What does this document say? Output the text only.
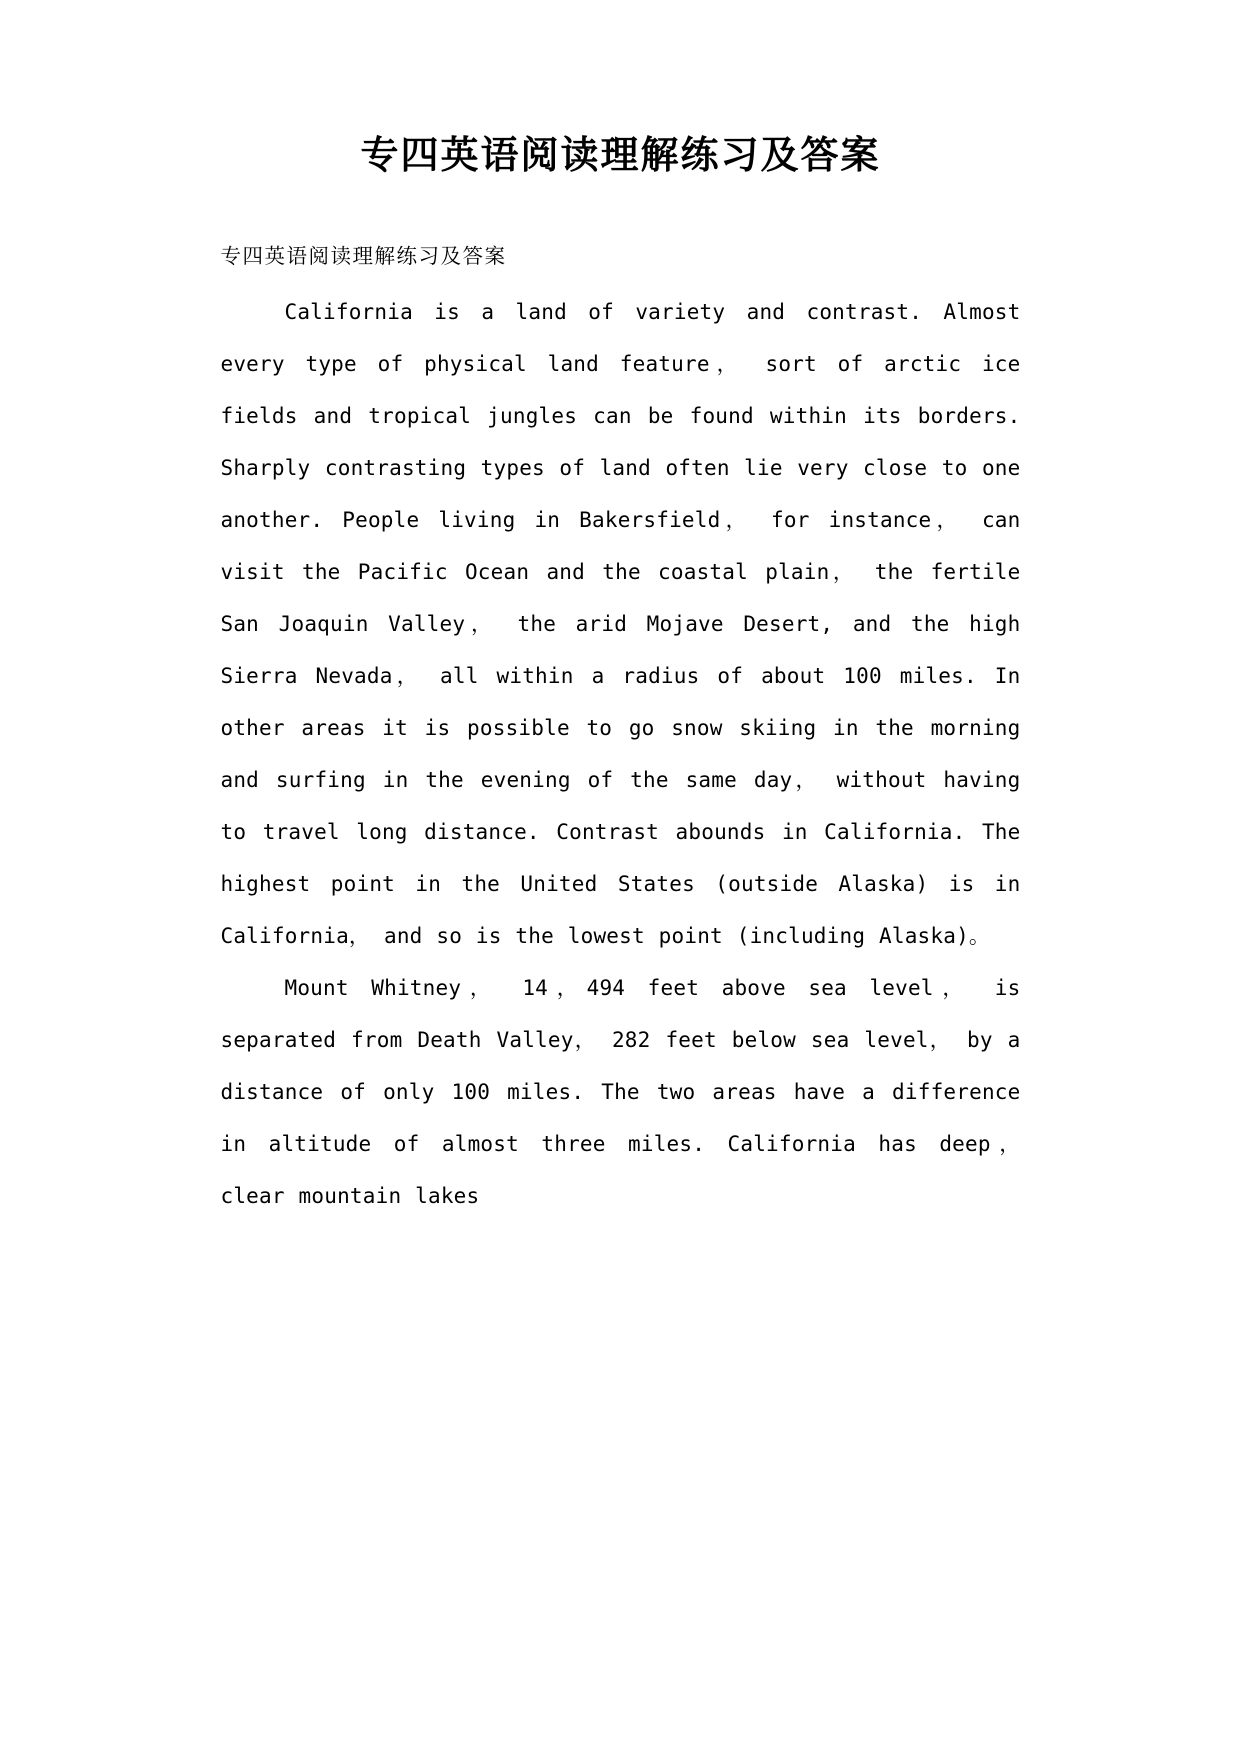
专四英语阅读理解练习及答案

专四英语阅读理解练习及答案

California is a land of variety and contrast. Almost every type of physical land feature， sort of arctic ice fields and tropical jungles can be found within its borders. Sharply contrasting types of land often lie very close to one another. People living in Bakersfield， for instance， can visit the Pacific Ocean and the coastal plain， the fertile San Joaquin Valley， the arid Mojave Desert, and the high Sierra Nevada， all within a radius of about 100 miles. In other areas it is possible to go snow skiing in the morning and surfing in the evening of the same day， without having to travel long distance. Contrast abounds in California. The highest point in the United States (outside Alaska) is in California， and so is the lowest point (including Alaska)。

Mount Whitney， 14，494 feet above sea level， is separated from Death Valley， 282 feet below sea level， by a distance of only 100 miles. The two areas have a difference in altitude of almost three miles. California has deep， clear mountain lakes
